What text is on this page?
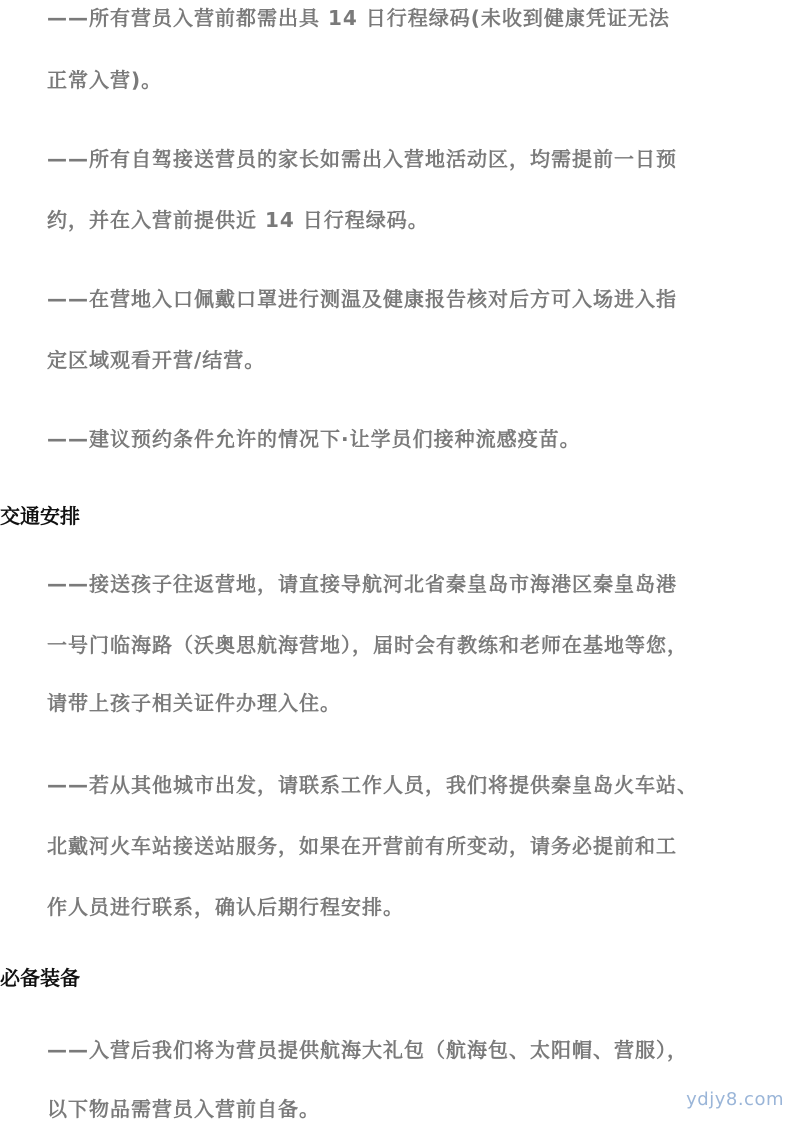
——所有营员入营前都需出具 14 日行程绿码(未收到健康凭证无法
正常入营)。
——所有自驾接送营员的家长如需出入营地活动区，均需提前一日预
约，并在入营前提供近 14 日行程绿码。
——在营地入口佩戴口罩进行测温及健康报告核对后方可入场进入指
定区域观看开营/结营。
——建议预约条件允许的情况下·让学员们接种流感疫苗。
交通安排
——接送孩子往返营地，请直接导航河北省秦皇岛市海港区秦皇岛港
一号门临海路（沃奥思航海营地），届时会有教练和老师在基地等您，
请带上孩子相关证件办理入住。
——若从其他城市出发，请联系工作人员，我们将提供秦皇岛火车站、
北戴河火车站接送站服务，如果在开营前有所变动，请务必提前和工
作人员进行联系，确认后期行程安排。
必备装备
——入营后我们将为营员提供航海大礼包（航海包、太阳帽、营服），
以下物品需营员入营前自备。	ydjy8.com
